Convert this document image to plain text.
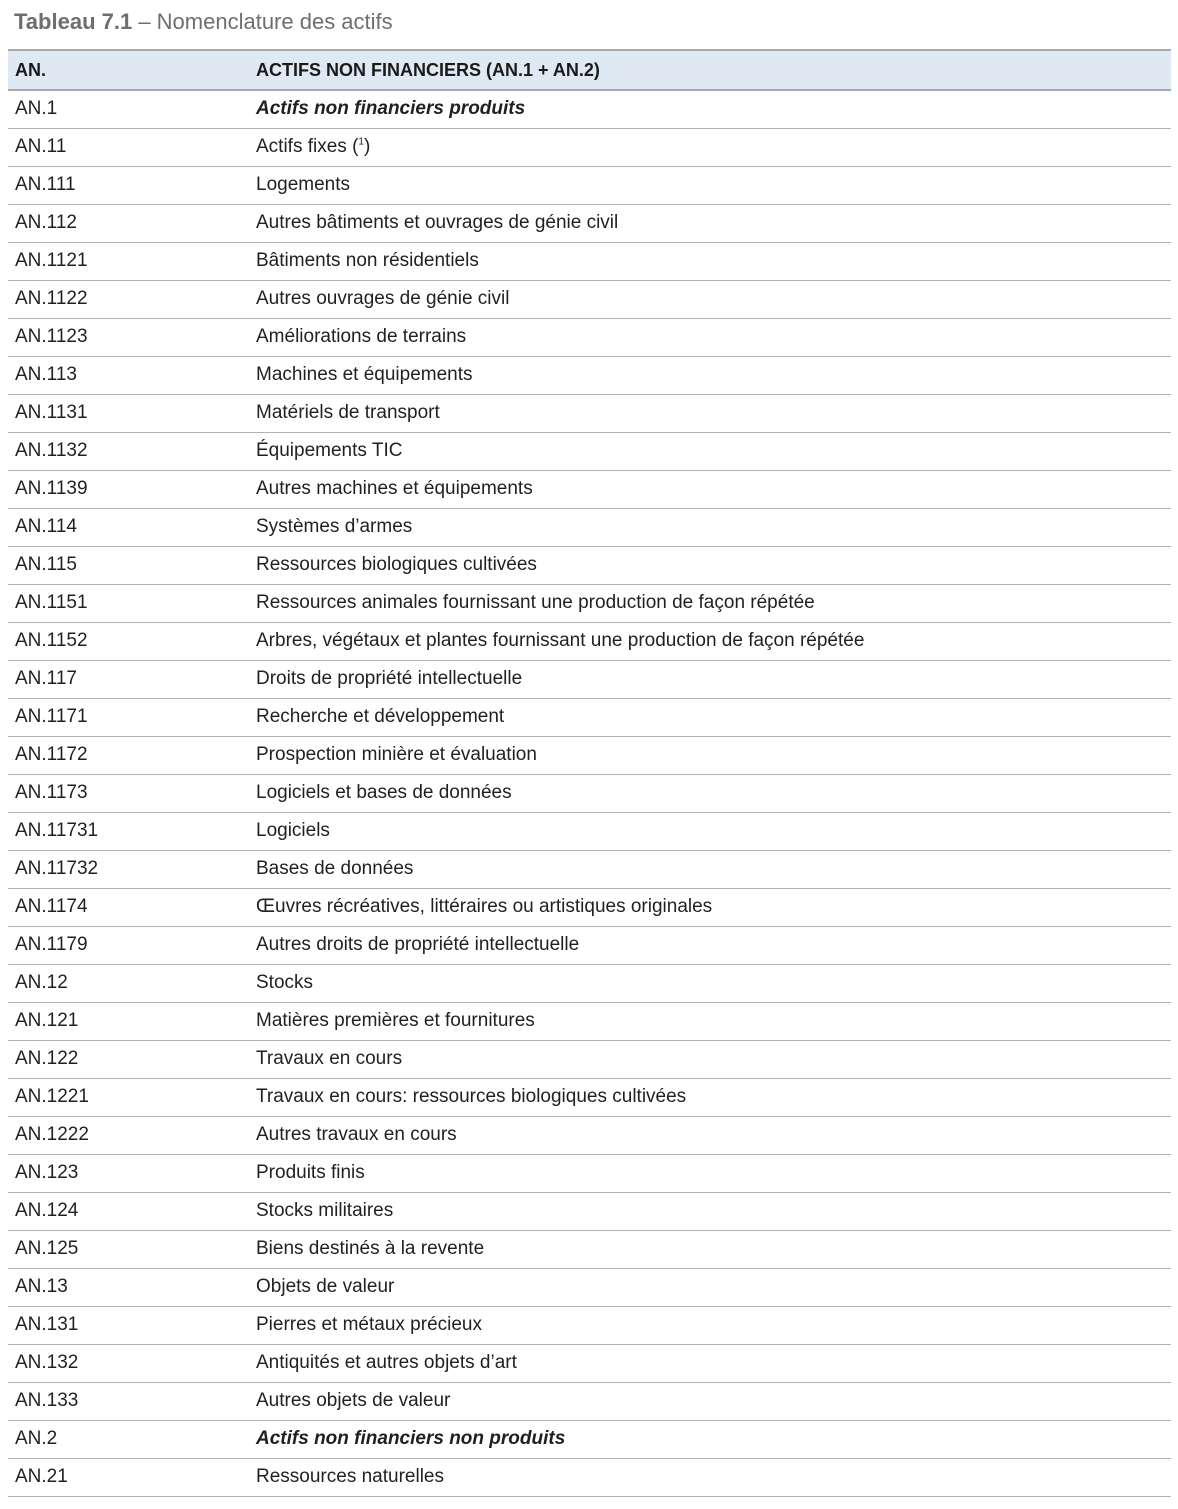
Tableau 7.1 – Nomenclature des actifs
AN.	ACTIFS NON FINANCIERS (AN.1 + AN.2)
AN.1	Actifs non financiers produits
AN.11	Actifs fixes ($^1$)
AN.111	Logements
AN.112	Autres bâtiments et ouvrages de génie civil
AN.1121	Bâtiments non résidentiels
AN.1122	Autres ouvrages de génie civil
AN.1123	Améliorations de terrains
AN.113	Machines et équipements
AN.1131	Matériels de transport
AN.1132	Équipements TIC
AN.1139	Autres machines et équipements
AN.114	Systèmes d’armes
AN.115	Ressources biologiques cultivées
AN.1151	Ressources animales fournissant une production de façon répétée
AN.1152	Arbres, végétaux et plantes fournissant une production de façon répétée
AN.117	Droits de propriété intellectuelle
AN.1171	Recherche et développement
AN.1172	Prospection minière et évaluation
AN.1173	Logiciels et bases de données
AN.11731	Logiciels
AN.11732	Bases de données
AN.1174	Œuvres récréatives, littéraires ou artistiques originales
AN.1179	Autres droits de propriété intellectuelle
AN.12	Stocks
AN.121	Matières premières et fournitures
AN.122	Travaux en cours
AN.1221	Travaux en cours: ressources biologiques cultivées
AN.1222	Autres travaux en cours
AN.123	Produits finis
AN.124	Stocks militaires
AN.125	Biens destinés à la revente
AN.13	Objets de valeur
AN.131	Pierres et métaux précieux
AN.132	Antiquités et autres objets d’art
AN.133	Autres objets de valeur
AN.2	Actifs non financiers non produits
AN.21	Ressources naturelles
